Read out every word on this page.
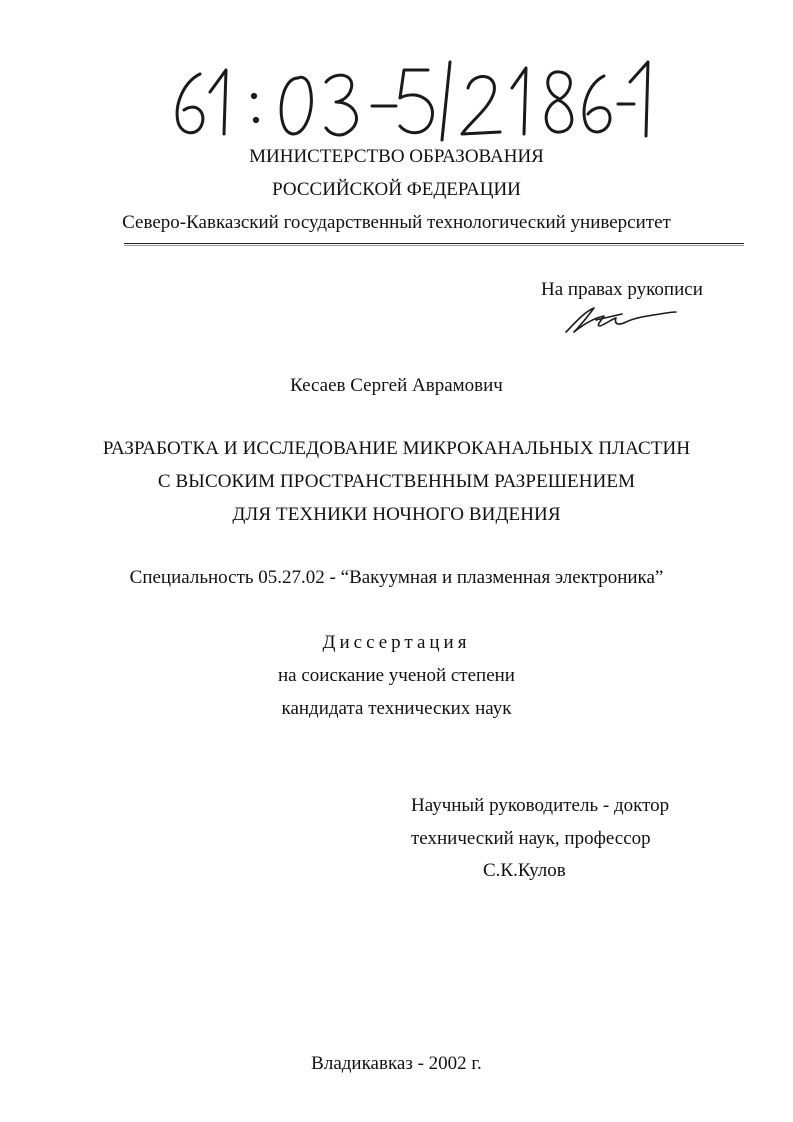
МИНИСТЕРСТВО ОБРАЗОВАНИЯ
РОССИЙСКОЙ ФЕДЕРАЦИИ
Северо-Кавказский государственный технологический университет
На правах рукописи
Кесаев Сергей Аврамович
РАЗРАБОТКА И ИССЛЕДОВАНИЕ МИКРОКАНАЛЬНЫХ ПЛАСТИН
С ВЫСОКИМ ПРОСТРАНСТВЕННЫМ РАЗРЕШЕНИЕМ
ДЛЯ ТЕХНИКИ НОЧНОГО ВИДЕНИЯ
Специальность 05.27.02 - “Вакуумная и плазменная электроника”
Диссертация
на соискание ученой степени
кандидата технических наук
Научный руководитель - доктор
технический наук, профессор
С.К.Кулов
Владикавказ - 2002 г.
